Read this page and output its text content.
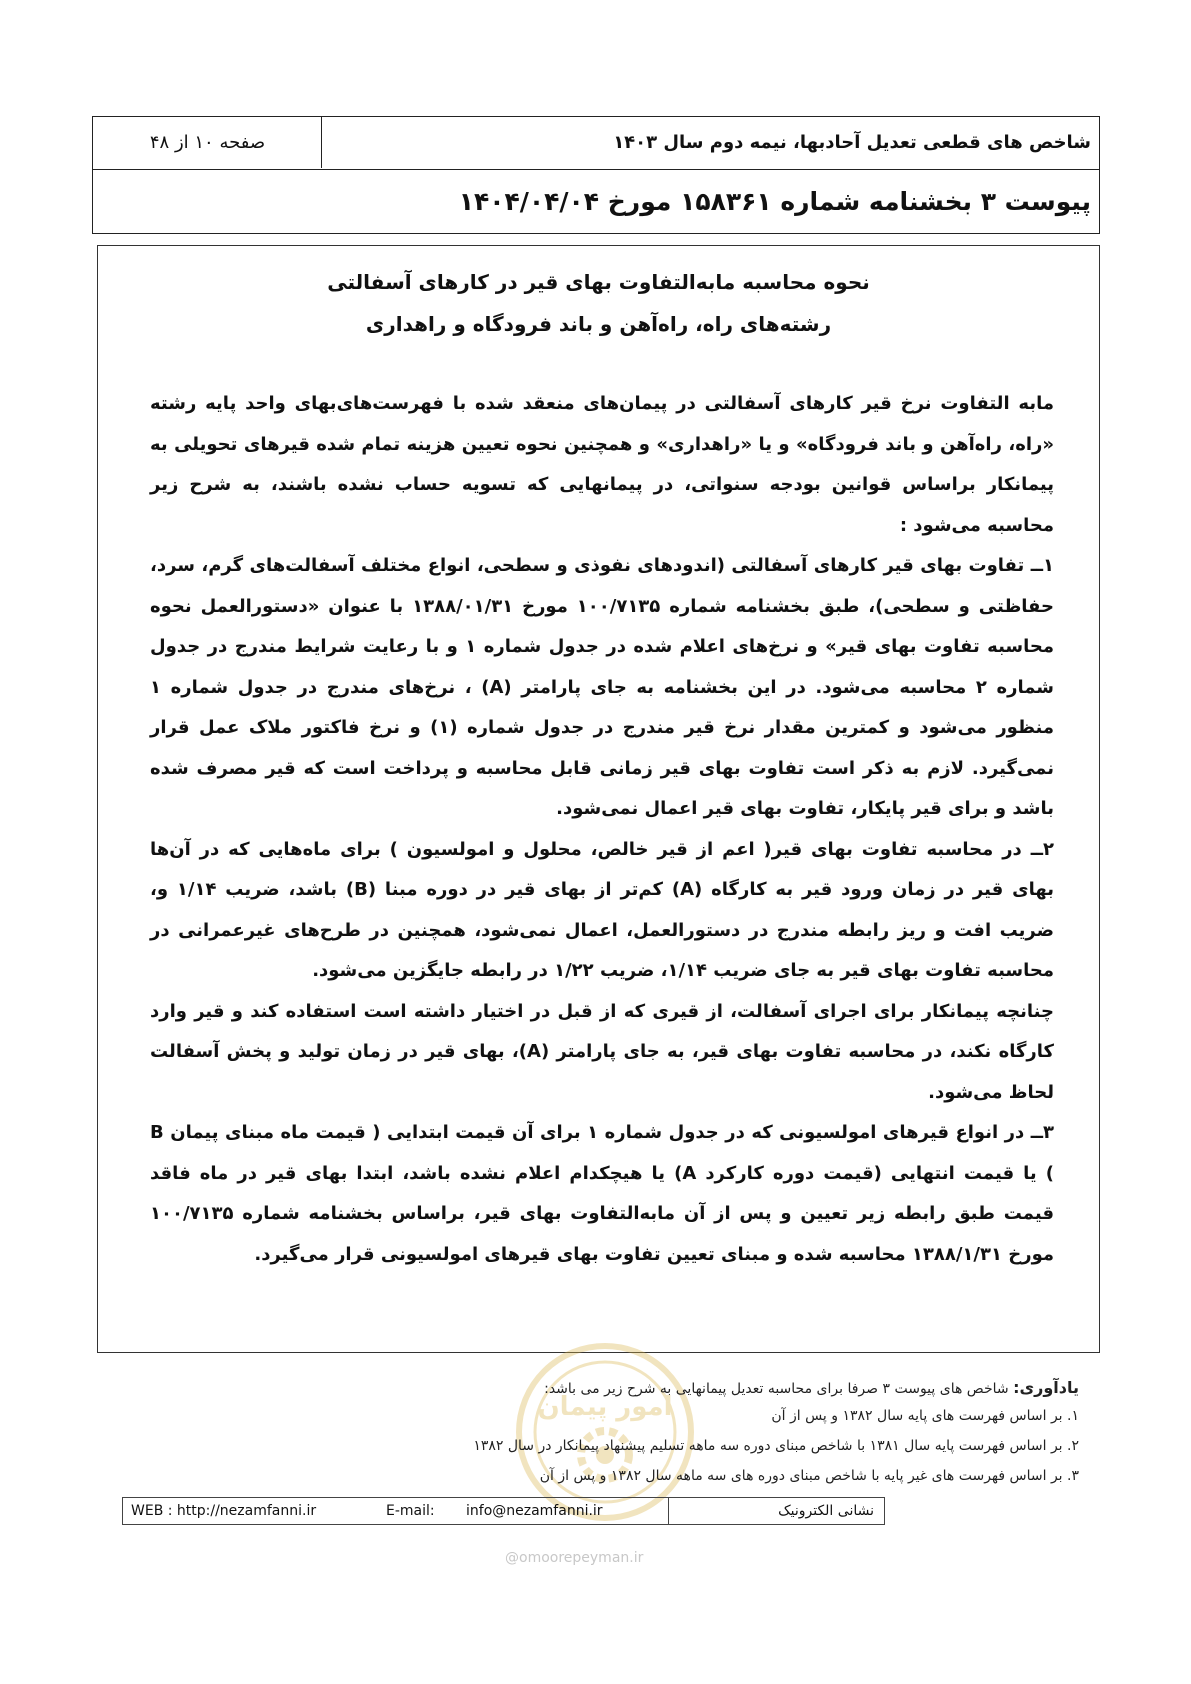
شاخص های قطعی تعدیل آحادبها، نیمه دوم سال ۱۴۰۳
صفحه ۱۰ از ۴۸
پیوست ۳ بخشنامه شماره ۱۵۸۳۶۱ مورخ ۱۴۰۴/۰۴/۰۴
نحوه محاسبه مابه‌التفاوت بهای قیر در کارهای آسفالتی
رشته‌های راه، راه‌آهن و باند فرودگاه و راهداری

مابه التفاوت نرخ قیر کارهای آسفالتی در پیمان‌های منعقد شده با فهرست‌های‌بهای واحد پایه رشته «راه، راه‌آهن و باند فرودگاه» و یا «راهداری» و همچنین نحوه تعیین هزینه تمام شده قیرهای تحویلی به پیمانکار براساس قوانین بودجه سنواتی، در پیمانهایی که تسویه حساب نشده باشند، به شرح زیر محاسبه می‌شود :

۱ــ تفاوت بهای قیر کارهای آسفالتی (اندودهای نفوذی و سطحی، انواع مختلف آسفالت‌های گرم، سرد، حفاظتی و سطحی)، طبق بخشنامه شماره ۱۰۰/۷۱۳۵ مورخ ۱۳۸۸/۰۱/۳۱ با عنوان «دستورالعمل نحوه محاسبه تفاوت بهای قیر» و نرخ‌های اعلام شده در جدول شماره ۱ و با رعایت شرایط مندرج در جدول شماره ۲ محاسبه می‌شود. در این بخشنامه به جای پارامتر (A) ، نرخ‌های مندرج در جدول شماره ۱ منظور می‌شود و کمترین مقدار نرخ قیر مندرج در جدول شماره (۱) و نرخ فاکتور ملاک عمل قرار نمی‌گیرد. لازم به ذکر است تفاوت بهای قیر زمانی قابل محاسبه و پرداخت است که قیر مصرف شده باشد و برای قیر پایکار، تفاوت بهای قیر اعمال نمی‌شود.

۲ــ در محاسبه تفاوت بهای قیر( اعم از قیر خالص، محلول و امولسیون ) برای ماه‌هایی که در آن‌ها بهای قیر در زمان ورود قیر به کارگاه (A) کم‌تر از بهای قیر در دوره مبنا (B) باشد، ضریب ۱/۱۴ و، ضریب افت و ریز رابطه مندرج در دستورالعمل، اعمال نمی‌شود، همچنین در طرح‌های غیرعمرانی در محاسبه تفاوت بهای قیر به جای ضریب ۱/۱۴، ضریب ۱/۲۲ در رابطه جایگزین می‌شود.

چنانچه پیمانکار برای اجرای آسفالت، از قیری که از قبل در اختیار داشته است استفاده کند و قیر وارد کارگاه نکند، در محاسبه تفاوت بهای قیر، به جای پارامتر (A)، بهای قیر در زمان تولید و پخش آسفالت لحاظ می‌شود.

۳ــ در انواع قیرهای امولسیونی که در جدول شماره ۱ برای آن قیمت ابتدایی ( قیمت ماه مبنای پیمان B ) یا قیمت انتهایی (قیمت دوره کارکرد A) یا هیچکدام اعلام نشده باشد، ابتدا بهای قیر در ماه فاقد قیمت طبق رابطه زیر تعیین و پس از آن مابه‌التفاوت بهای قیر، براساس بخشنامه شماره ۱۰۰/۷۱۳۵ مورخ ۱۳۸۸/۱/۳۱ محاسبه شده و مبنای تعیین تفاوت بهای قیرهای امولسیونی قرار می‌گیرد.

امور پیمان
یادآوری: شاخص های پیوست ۳ صرفا برای محاسبه تعدیل پیمانهایی به شرح زیر می باشد:
۱. بر اساس فهرست های پایه سال ۱۳۸۲ و پس از آن
۲. بر اساس فهرست پایه سال ۱۳۸۱ با شاخص مبنای دوره سه ماهه تسلیم پیشنهاد پیمانکار در سال ۱۳۸۲
۳. بر اساس فهرست های غیر پایه با شاخص مبنای دوره های سه ماهه سال ۱۳۸۲ و پس از آن
WEB : http://nezamfanni.ir	E-mail: info@nezamfanni.ir	نشانی الکترونیک
@omoorepeyman.ir
